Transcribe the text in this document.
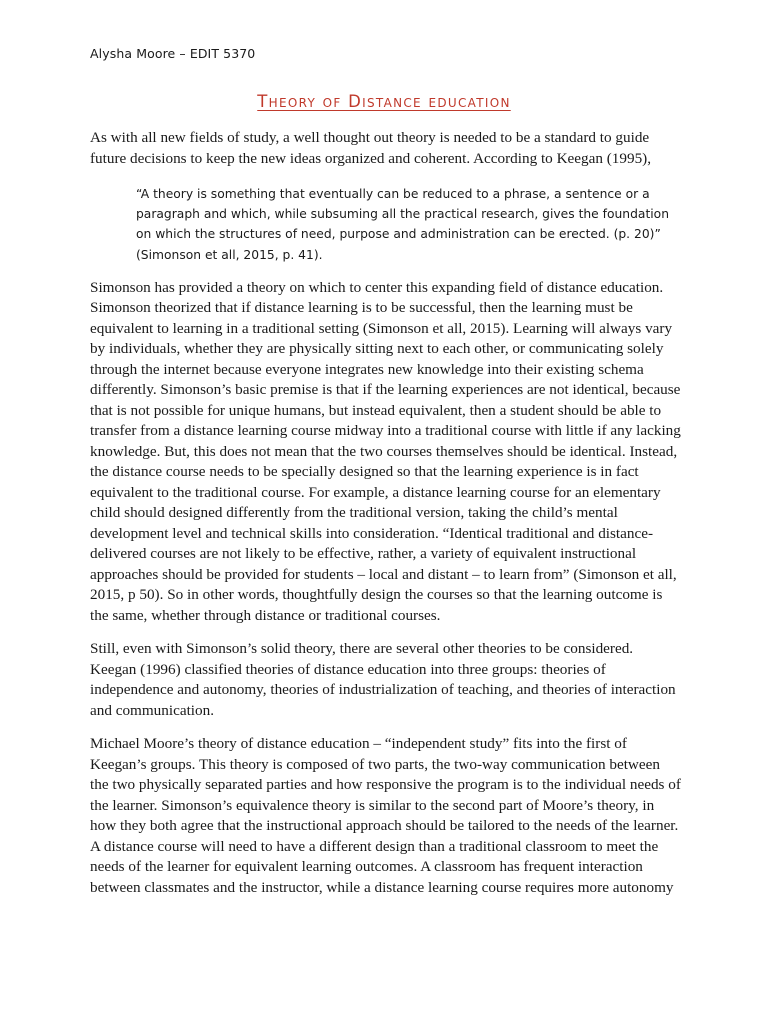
Alysha Moore – EDIT 5370
Theory of Distance education

As with all new fields of study, a well thought out theory is needed to be a standard to guide future decisions to keep the new ideas organized and coherent. According to Keegan (1995),

“A theory is something that eventually can be reduced to a phrase, a sentence or a paragraph and which, while subsuming all the practical research, gives the foundation on which the structures of need, purpose and administration can be erected. (p. 20)” (Simonson et all, 2015, p. 41).

Simonson has provided a theory on which to center this expanding field of distance education. Simonson theorized that if distance learning is to be successful, then the learning must be equivalent to learning in a traditional setting (Simonson et all, 2015). Learning will always vary by individuals, whether they are physically sitting next to each other, or communicating solely through the internet because everyone integrates new knowledge into their existing schema differently. Simonson’s basic premise is that if the learning experiences are not identical, because that is not possible for unique humans, but instead equivalent, then a student should be able to transfer from a distance learning course midway into a traditional course with little if any lacking knowledge. But, this does not mean that the two courses themselves should be identical. Instead, the distance course needs to be specially designed so that the learning experience is in fact equivalent to the traditional course. For example, a distance learning course for an elementary child should designed differently from the traditional version, taking the child’s mental development level and technical skills into consideration. “Identical traditional and distance-delivered courses are not likely to be effective, rather, a variety of equivalent instructional approaches should be provided for students – local and distant – to learn from” (Simonson et all, 2015, p 50). So in other words, thoughtfully design the courses so that the learning outcome is the same, whether through distance or traditional courses.

Still, even with Simonson’s solid theory, there are several other theories to be considered. Keegan (1996) classified theories of distance education into three groups: theories of independence and autonomy, theories of industrialization of teaching, and theories of interaction and communication.

Michael Moore’s theory of distance education – “independent study” fits into the first of Keegan’s groups. This theory is composed of two parts, the two-way communication between the two physically separated parties and how responsive the program is to the individual needs of the learner. Simonson’s equivalence theory is similar to the second part of Moore’s theory, in how they both agree that the instructional approach should be tailored to the needs of the learner. A distance course will need to have a different design than a traditional classroom to meet the needs of the learner for equivalent learning outcomes. A classroom has frequent interaction between classmates and the instructor, while a distance learning course requires more autonomy
